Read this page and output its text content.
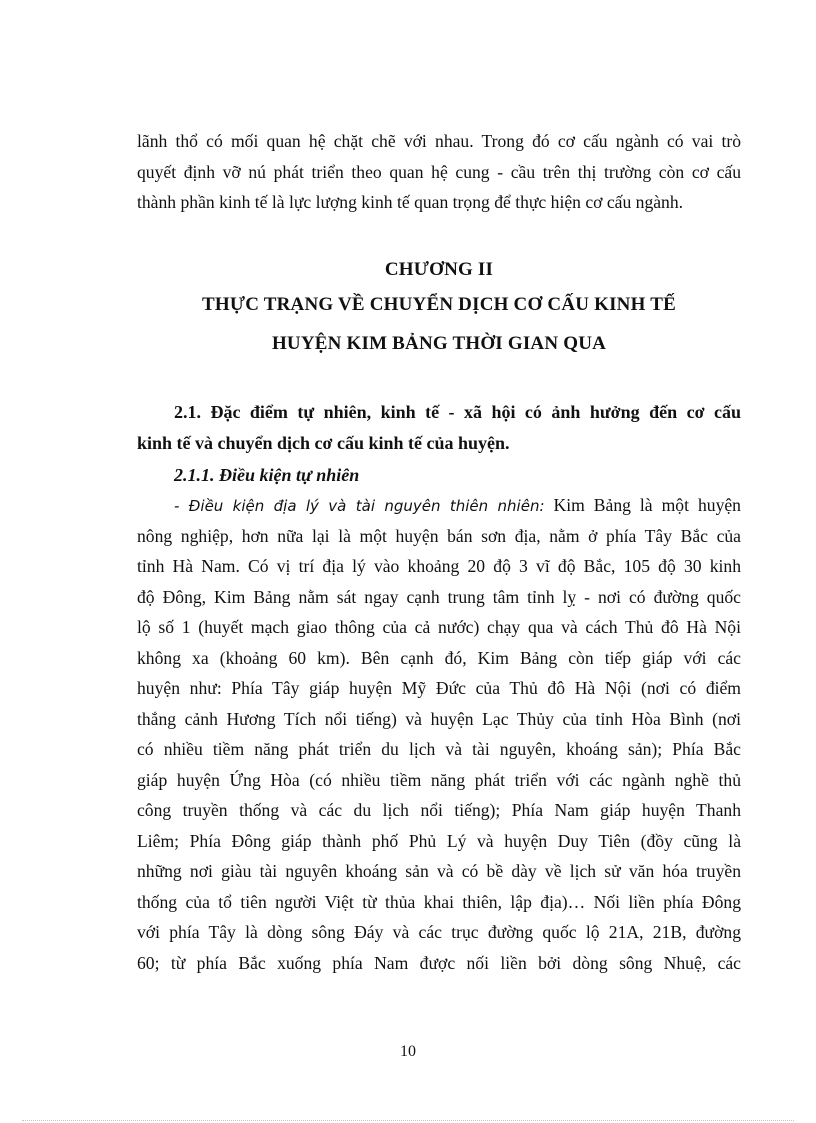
lãnh thổ có mối quan hệ chặt chẽ với nhau. Trong đó cơ cấu ngành có vai trò
quyết định vỡ nú phát triển theo quan hệ cung - cầu trên thị trường còn cơ cấu
thành phần kinh tế là lực lượng kinh tế quan trọng để thực hiện cơ cấu ngành.
CHƯƠNG II
THỰC TRẠNG VỀ CHUYỂN DỊCH CƠ CẤU KINH TẾ
HUYỆN KIM BẢNG THỜI GIAN QUA
2.1. Đặc điểm tự nhiên, kinh tế - xã hội có ảnh hưởng đến cơ cấu
kinh tế và chuyển dịch cơ cấu kinh tế của huyện.
2.1.1. Điều kiện tự nhiên
- Điều kiện địa lý và tài nguyên thiên nhiên: Kim Bảng là một huyện
nông nghiệp, hơn nữa lại là một huyện bán sơn địa, nằm ở phía Tây Bắc của
tỉnh Hà Nam. Có vị trí địa lý vào khoảng 20 độ 3 vĩ độ Bắc, 105 độ 30 kinh
độ Đông, Kim Bảng nằm sát ngay cạnh trung tâm tỉnh lỵ - nơi có đường quốc
lộ số 1 (huyết mạch giao thông của cả nước) chạy qua và cách Thủ đô Hà Nội
không xa (khoảng 60 km). Bên cạnh đó, Kim Bảng còn tiếp giáp với các
huyện như: Phía Tây giáp huyện Mỹ Đức của Thủ đô Hà Nội (nơi có điểm
thắng cảnh Hương Tích nổi tiếng) và huyện Lạc Thủy của tỉnh Hòa Bình (nơi
có nhiều tiềm năng phát triển du lịch và tài nguyên, khoáng sản); Phía Bắc
giáp huyện Ứng Hòa (có nhiều tiềm năng phát triển với các ngành nghề thủ
công truyền thống và các du lịch nổi tiếng); Phía Nam giáp huyện Thanh
Liêm; Phía Đông giáp thành phố Phủ Lý và huyện Duy Tiên (đồy cũng là
những nơi giàu tài nguyên khoáng sản và có bề dày về lịch sử văn hóa truyền
thống của tổ tiên người Việt từ thủa khai thiên, lập địa)… Nối liền phía Đông
với phía Tây là dòng sông Đáy và các trục đường quốc lộ 21A, 21B, đường
60; từ phía Bắc xuống phía Nam được nối liền bởi dòng sông Nhuệ, các
10
